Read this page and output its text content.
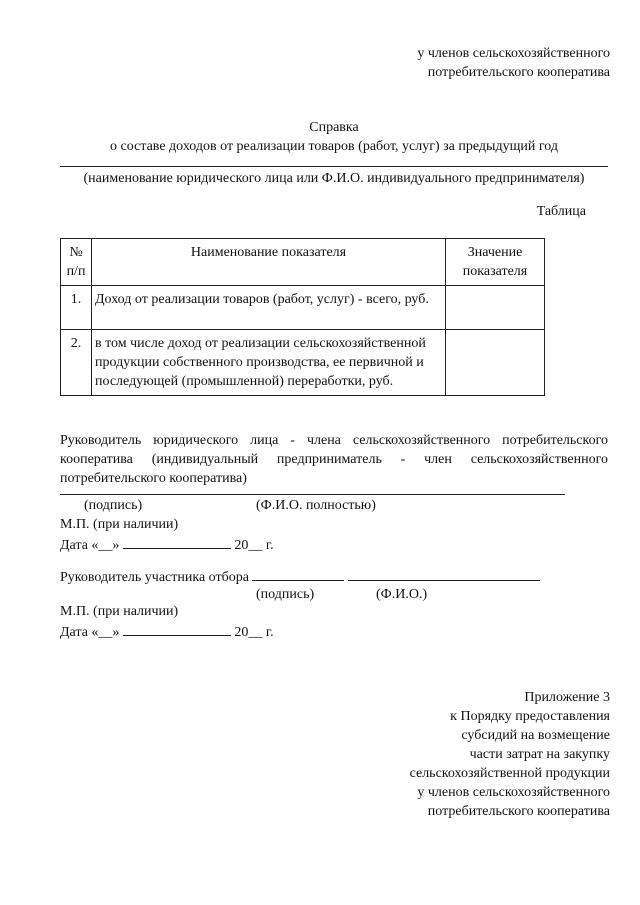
у членов сельскохозяйственного
потребительского кооператива
Справка
о составе доходов от реализации товаров (работ, услуг) за предыдущий год
(наименование юридического лица или Ф.И.О. индивидуального предпринимателя)
Таблица
№ п/п	Наименование показателя	Значение показателя
1.	Доход от реализации товаров (работ, услуг) - всего, руб.	
2.	в том числе доход от реализации сельскохозяйственной продукции собственного производства, ее первичной и последующей (промышленной) переработки, руб.	
Руководитель юридического лица - члена сельскохозяйственного потребительского кооператива (индивидуальный предприниматель - член сельскохозяйственного потребительского кооператива)
(подпись)	(Ф.И.О. полностью)
М.П. (при наличии)
Дата «__»	20__ г.
Руководитель участника отбора
(подпись)	(Ф.И.О.)
М.П. (при наличии)
Дата «__»	20__ г.
Приложение 3
к Порядку предоставления
субсидий на возмещение
части затрат на закупку
сельскохозяйственной продукции
у членов сельскохозяйственного
потребительского кооператива
